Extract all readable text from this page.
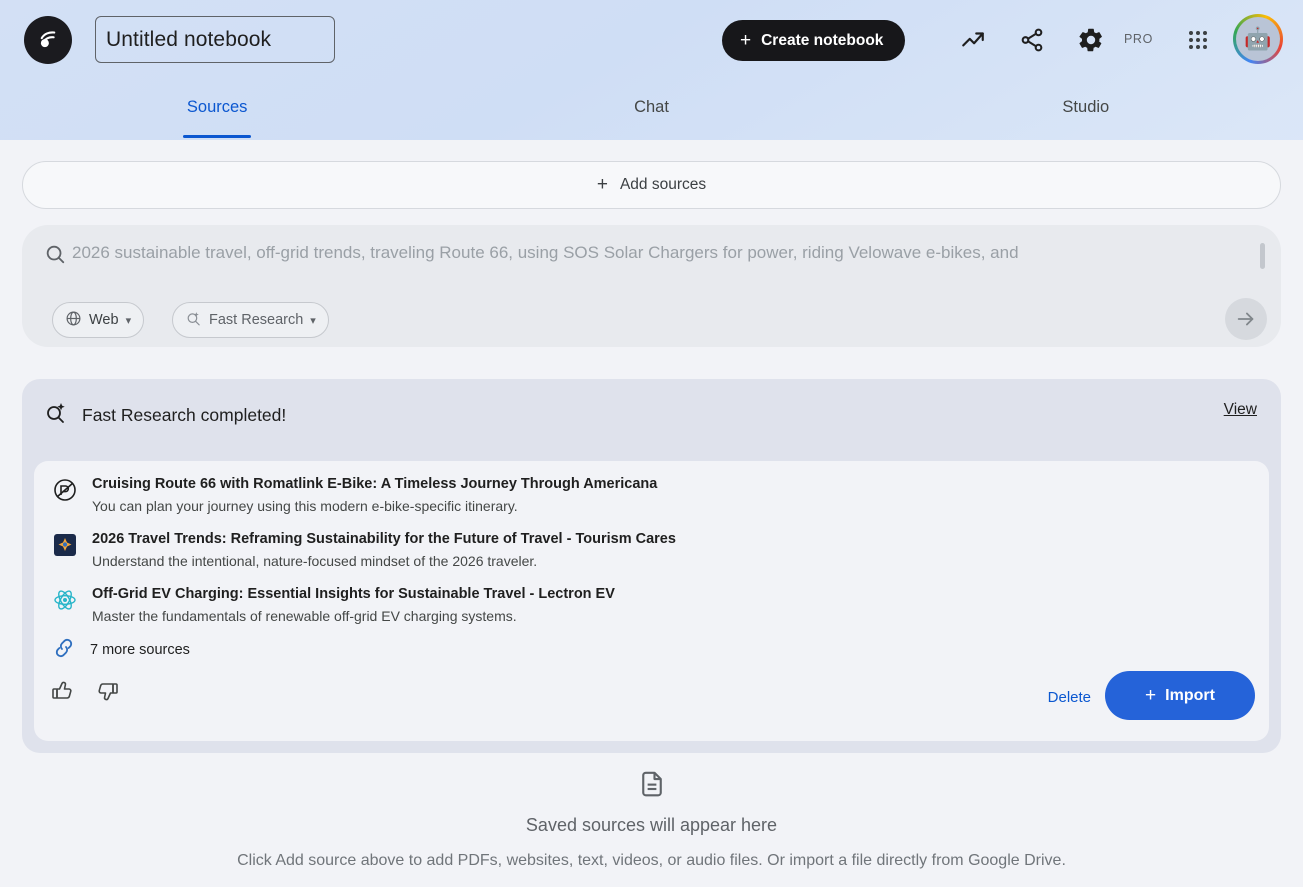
Untitled notebook	+ Create notebook	PRO	🤖
Sources	Chat	Studio
+ Add sources
2026 sustainable travel, off-grid trends, traveling Route 66, using SOS Solar Chargers for power, riding Velowave e-bikes, and
Web ▾	Fast Research ▾
Fast Research completed!	View
Cruising Route 66 with Romatlink E-Bike: A Timeless Journey Through Americana
You can plan your journey using this modern e-bike-specific itinerary.
2026 Travel Trends: Reframing Sustainability for the Future of Travel - Tourism Cares
Understand the intentional, nature-focused mindset of the 2026 traveler.
Off-Grid EV Charging: Essential Insights for Sustainable Travel - Lectron EV
Master the fundamentals of renewable off-grid EV charging systems.
7 more sources
Delete	+ Import
Saved sources will appear here
Click Add source above to add PDFs, websites, text, videos, or audio files. Or import a file directly from Google Drive.
